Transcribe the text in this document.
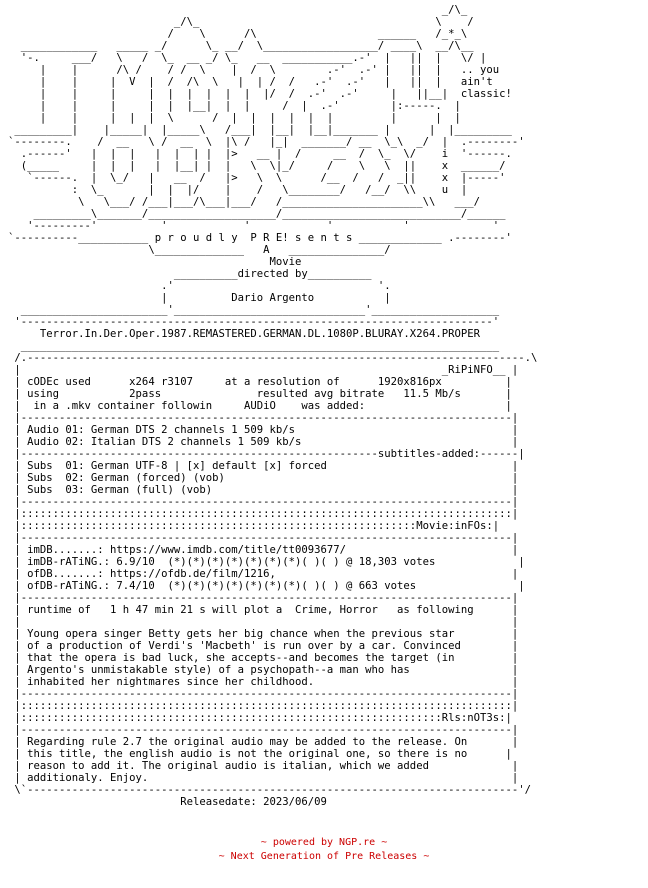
_/\_
_/\_                                     \    /
/    \      /\                   ______   /_*_\
____________   _____ _/      \_ __/  \__________________/ ____\  __/\__
'-.     ___/   \   /  \_  __ _/ \_   __  ___________.-'  |   ||  |   \/ |
|    |      /\ /    / /  \    |  /  \        .-'  .-' |   ||  |   .. you
|    |     |  V  |  /  /\  \   |  | /  /   .-'  .-'   |   ||  |   ain't
|    |     |     |  |  |  |  |  |  |/  /  .-'  .-'     |   ||__|  classic!
|    |     |     |  |  |__|  |  |     /  |  .-'        |:-----.  |
|    |     |  |  |  \      /  |  |  |  |  |  |         |      |  |
_________|    |_____|  |_____\   /___|  |__|  |__|_______ |      |  |_________
`--------.    /  __   \ /  __  \  |\ /   |_|  _______/ __  \_\  _/  |  .--------'
.------'   |  |  |   |  |  | |  |>   __ |  /     __  /  \_  \/    i  '------.
(_____     |  |  |   |  |__| |  |   \  \|_/     /    \   \  ||    x  ______/
`------.  |  \_/   |   __  /   |>   \  \      /__  /   /  _||    x  |-----'
:  \_       |  |  |/    |    /   \________/   /__/  \\    u  |
\   \___/ /___|___/\___|___/   /______________________\\   ___/
_________\_______/____________________/____________________________/______
'---------'          '            '            '           '             '
`----------___________ p r o u d l y  P R E! s e n t s _____________ .--------'
\______________   A   _______________/
Movie
__________directed by__________
.'                                '.
|          Dario Argento           |
_______________________'______________________________'____________________
'--------------------------------------------------------------------------'
Terror.In.Der.Oper.1987.REMASTERED.GERMAN.DL.1080P.BLURAY.X264.PROPER
___________________________________________________________________________
/.------------------------------------------------------------------------------.\
|                                                                  _RiPiNFO__ |
| cODEc used      x264 r3107     at a resolution of      1920x816px          |
| using           2pass               resulted avg bitrate   11.5 Mb/s       |
|  in a .mkv container followin     AUDiO    was added:                      |
|-----------------------------------------------------------------------------|
| Audio 01: German DTS 2 channels 1 509 kb/s                                  |
| Audio 02: Italian DTS 2 channels 1 509 kb/s                                 |
|--------------------------------------------------------subtitles-added:------|
| Subs  01: German UTF-8 | [x] default [x] forced                             |
| Subs  02: German (forced) (vob)                                             |
| Subs  03: German (full) (vob)                                               |
|-----------------------------------------------------------------------------|
|:::::::::::::::::::::::::::::::::::::::::::::::::::::::::::::::::::::::::::::|
|::::::::::::::::::::::::::::::::::::::::::::::::::::::::::::::Movie:inFOs:|
|-----------------------------------------------------------------------------|
| imDB.......: https://www.imdb.com/title/tt0093677/                          |
| imDB-rATiNG.: 6.9/10  (*)(*)(*)(*)(*)(*)(*)( )( ) @ 18,303 votes             |
| ofDB.......: https://ofdb.de/film/1216,                                     |
| ofDB-rATiNG.: 7.4/10  (*)(*)(*)(*)(*)(*)(*)( )( ) @ 663 votes                |
|-----------------------------------------------------------------------------|
| runtime of   1 h 47 min 21 s will plot a  Crime, Horror   as following      |
|                                                                             |
| Young opera singer Betty gets her big chance when the previous star         |
| of a production of Verdi's 'Macbeth' is run over by a car. Convinced        |
| that the opera is bad luck, she accepts--and becomes the target (in         |
| Argento's unmistakable style) of a psychopath--a man who has                |
| inhabited her nightmares since her childhood.                               |
|-----------------------------------------------------------------------------|
|:::::::::::::::::::::::::::::::::::::::::::::::::::::::::::::::::::::::::::::|
|::::::::::::::::::::::::::::::::::::::::::::::::::::::::::::::::::Rls:nOT3s:|
|-----------------------------------------------------------------------------|
| Regarding rule 2.7 the original audio may be added to the release. On       |
| this title, the english audio is not the original one, so there is no      |
| reason to add it. The original audio is italian, which we added             |
| additionaly. Enjoy.                                                         |
\`-----------------------------------------------------------------------------'/
Releasedate: 2023/06/09

~ powered by NGP.re ~
~ Next Generation of Pre Releases ~
